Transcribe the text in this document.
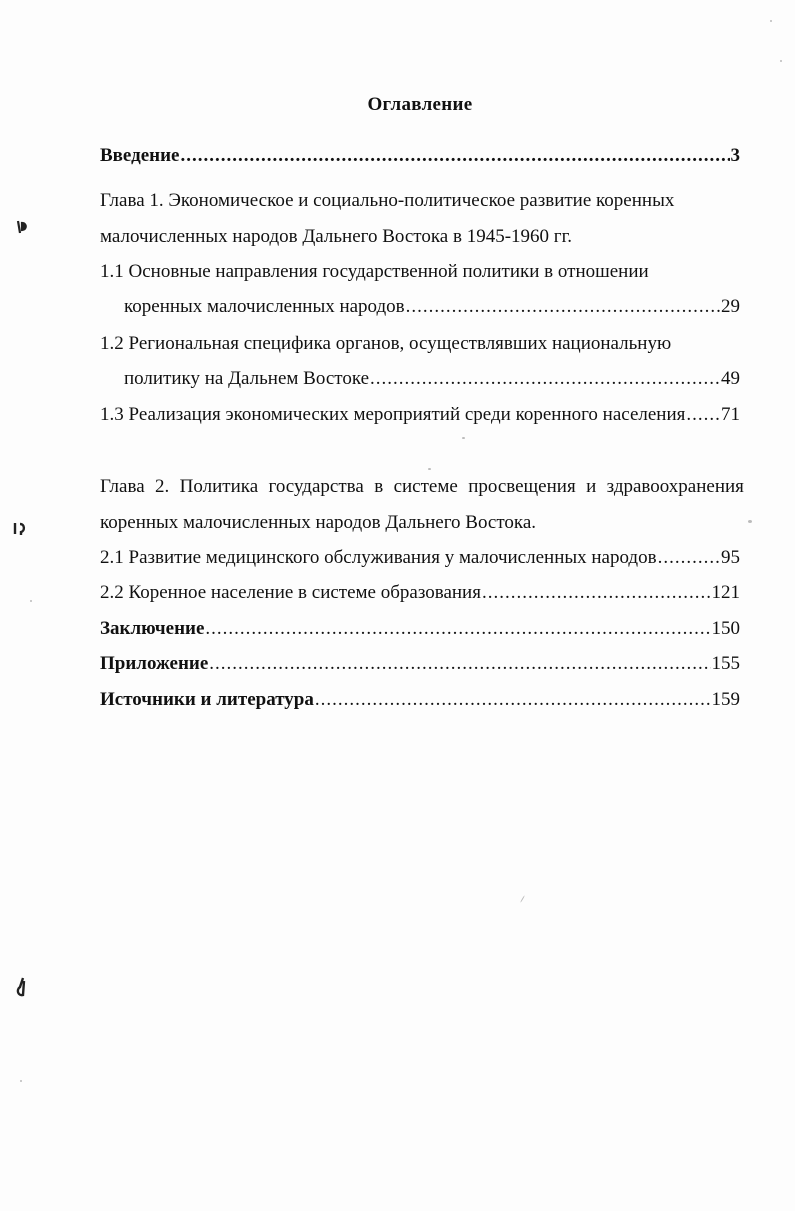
Оглавление
Введение .....	3
Глава 1. Экономическое и социально-политическое развитие коренных
малочисленных народов Дальнего Востока в 1945-1960 гг.
1.1 Основные направления государственной политики в отношении
коренных малочисленных народов .....	29
1.2 Региональная специфика органов, осуществлявших национальную
политику на Дальнем Востоке .....	49
1.3 Реализация экономических мероприятий среди коренного населения ..... 71
Глава 2. Политика государства в системе просвещения и здравоохранения
коренных малочисленных народов Дальнего Востока.
2.1 Развитие медицинского обслуживания у малочисленных народов .....	95
2.2 Коренное население в системе образования .....	121
Заключение .....	150
Приложение .....	155
Источники и литература .....	159
